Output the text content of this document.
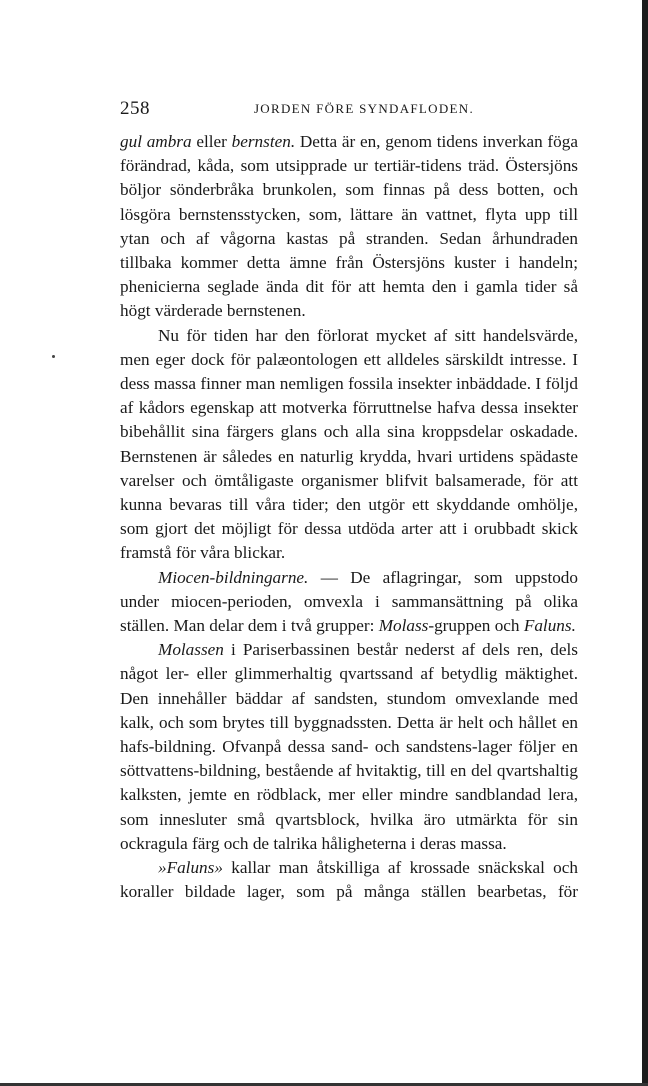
258	JORDEN FÖRE SYNDAFLODEN.

gul ambra eller bernsten. Detta är en, genom tidens inverkan föga förändrad, kåda, som utsipprade ur tertiär-tidens träd. Östersjöns böljor sönderbråka brunkolen, som finnas på dess botten, och lösgöra bernstensstycken, som, lättare än vattnet, flyta upp till ytan och af vågorna kastas på stranden. Sedan århundraden tillbaka kommer detta ämne från Östersjöns kuster i handeln; phenicierna seglade ända dit för att hemta den i gamla tider så högt värderade bernstenen.

Nu för tiden har den förlorat mycket af sitt handelsvärde, men eger dock för palæontologen ett alldeles särskildt intresse. I dess massa finner man nemligen fossila insekter inbäddade. I följd af kådors egenskap att motverka förruttnelse hafva dessa insekter bibehållit sina färgers glans och alla sina kroppsdelar oskadade. Bernstenen är således en naturlig krydda, hvari urtidens spädaste varelser och ömtåligaste organismer blifvit balsamerade, för att kunna bevaras till våra tider; den utgör ett skyddande omhölje, som gjort det möjligt för dessa utdöda arter att i orubbadt skick framstå för våra blickar.

Miocen-bildningarne. — De aflagringar, som uppstodo under miocen-perioden, omvexla i sammansättning på olika ställen. Man delar dem i två grupper: Molass-gruppen och Faluns.

Molassen i Pariserbassinen består nederst af dels ren, dels något ler- eller glimmerhaltig qvartssand af betydlig mäktighet. Den innehåller bäddar af sandsten, stundom omvexlande med kalk, och som brytes till byggnadssten. Detta är helt och hållet en hafs-bildning. Ofvanpå dessa sand- och sandstens-lager följer en söttvattens-bildning, bestående af hvitaktig, till en del qvartshaltig kalksten, jemte en rödblack, mer eller mindre sandblandad lera, som innesluter små qvartsblock, hvilka äro utmärkta för sin ockragula färg och de talrika håligheterna i deras massa.

»Faluns» kallar man åtskilliga af krossade snäckskal och koraller bildade lager, som på många ställen bearbetas, för
